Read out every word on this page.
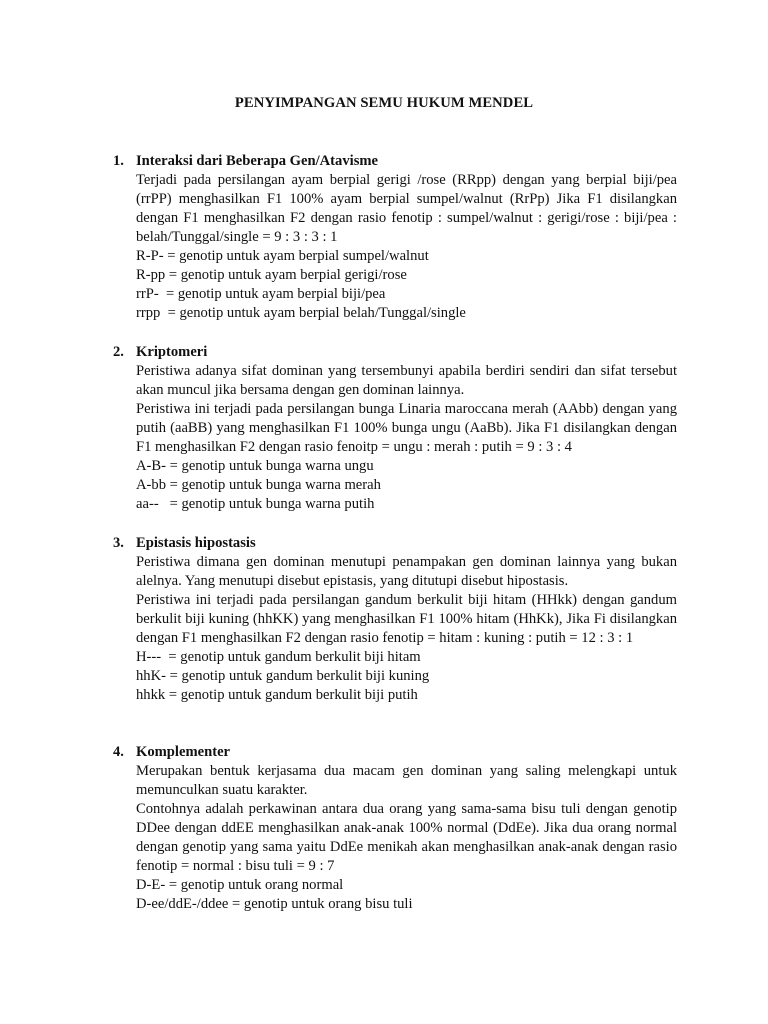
PENYIMPANGAN SEMU HUKUM MENDEL
1. Interaksi dari Beberapa Gen/Atavisme

Terjadi pada persilangan ayam berpial gerigi /rose (RRpp) dengan yang berpial biji/pea (rrPP) menghasilkan F1 100% ayam berpial sumpel/walnut (RrPp) Jika F1 disilangkan dengan F1 menghasilkan F2 dengan rasio fenotip : sumpel/walnut : gerigi/rose : biji/pea : belah/Tunggal/single = 9 : 3 : 3 : 1

R-P- = genotip untuk ayam berpial sumpel/walnut

R-pp = genotip untuk ayam berpial gerigi/rose

rrP-  = genotip untuk ayam berpial biji/pea

rrpp  = genotip untuk ayam berpial belah/Tunggal/single

2. Kriptomeri

Peristiwa adanya sifat dominan yang tersembunyi apabila berdiri sendiri dan sifat tersebut akan muncul jika bersama dengan gen dominan lainnya.

Peristiwa ini terjadi pada persilangan bunga Linaria maroccana merah (AAbb) dengan yang putih (aaBB) yang menghasilkan F1 100% bunga ungu (AaBb). Jika F1 disilangkan dengan F1 menghasilkan F2 dengan rasio fenoitp = ungu : merah : putih = 9 : 3 : 4

A-B- = genotip untuk bunga warna ungu

A-bb = genotip untuk bunga warna merah

aa--   = genotip untuk bunga warna putih

3. Epistasis hipostasis

Peristiwa dimana gen dominan menutupi penampakan gen dominan lainnya yang bukan alelnya. Yang menutupi disebut epistasis, yang ditutupi disebut hipostasis.

Peristiwa ini terjadi pada persilangan gandum berkulit biji hitam (HHkk) dengan gandum berkulit biji kuning (hhKK) yang menghasilkan F1 100% hitam (HhKk), Jika Fi disilangkan dengan F1 menghasilkan F2 dengan rasio fenotip = hitam : kuning : putih = 12 : 3 : 1

H---  = genotip untuk gandum berkulit biji hitam

hhK- = genotip untuk gandum berkulit biji kuning

hhkk = genotip untuk gandum berkulit biji putih

4. Komplementer

Merupakan bentuk kerjasama dua macam gen dominan yang saling melengkapi untuk memunculkan suatu karakter.

Contohnya adalah perkawinan antara dua orang yang sama-sama bisu tuli dengan genotip DDee dengan ddEE menghasilkan anak-anak 100% normal (DdEe). Jika dua orang normal dengan genotip yang sama yaitu DdEe menikah akan menghasilkan anak-anak dengan rasio fenotip = normal : bisu tuli = 9 : 7

D-E- = genotip untuk orang normal

D-ee/ddE-/ddee = genotip untuk orang bisu tuli
